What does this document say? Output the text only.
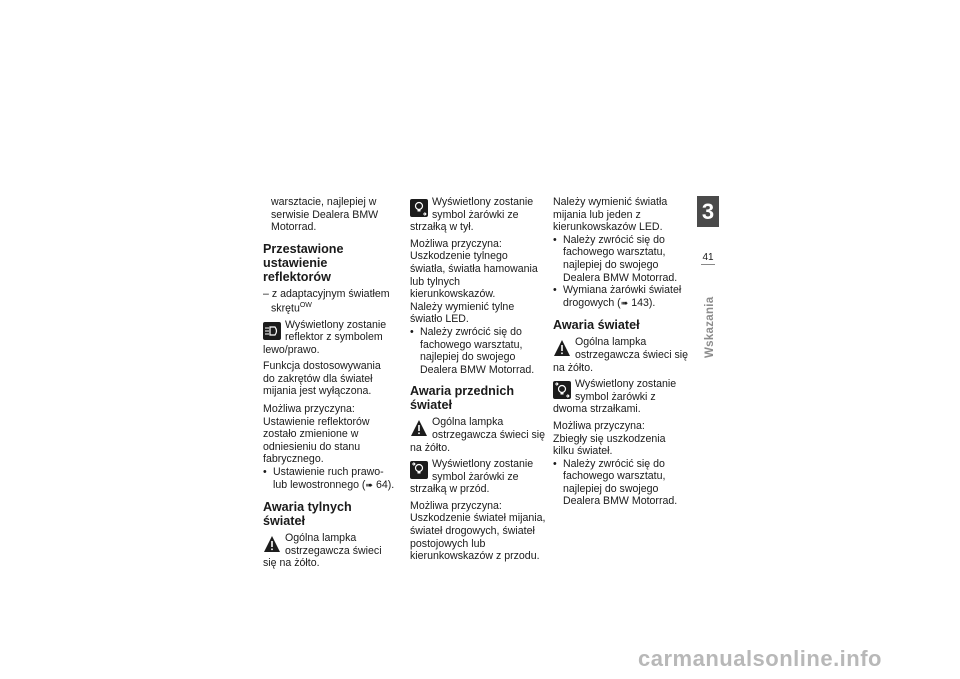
warsztacie, najlepiej w serwisie Dealera BMW Motorrad.

Przestawione ustawienie reflektorów

– z adaptacyjnym światłem skrętu$^{OW}$

Wyświetlony zostanie reflektor z symbolem lewo/prawo.

Funkcja dostosowywania do zakrętów dla świateł mijania jest wyłączona.

Możliwa przyczyna:

Ustawienie reflektorów zostało zmienione w odniesieniu do stanu fabrycznego.

• Ustawienie ruch prawo- lub lewostronnego (➠ 64).

Awaria tylnych świateł
Ogólna lampka ostrzegawcza świeci się na żółto.
Wyświetlony zostanie symbol żarówki ze strzałką w tył.

Możliwa przyczyna:

Uszkodzenie tylnego światła, światła hamowania lub tylnych kierunkowskazów.

Należy wymienić tylne światło LED.

• Należy zwrócić się do fachowego warsztatu, najlepiej do swojego Dealera BMW Motorrad.

Awaria przednich świateł
Ogólna lampka ostrzegawcza świeci się na żółto.
Wyświetlony zostanie symbol żarówki ze strzałką w przód.

Możliwa przyczyna:

Uszkodzenie świateł mijania, świateł drogowych, świateł postojowych lub kierunkowskazów z przodu.

Należy wymienić światła mijania lub jeden z kierunkowskazów LED.

• Należy zwrócić się do fachowego warsztatu, najlepiej do swojego Dealera BMW Motorrad.

• Wymiana żarówki świateł drogowych (➠ 143).

Awaria świateł
Ogólna lampka ostrzegawcza świeci się na żółto.
Wyświetlony zostanie symbol żarówki z dwoma strzałkami.

Możliwa przyczyna:

Zbiegły się uszkodzenia kilku świateł.

• Należy zwrócić się do fachowego warsztatu, najlepiej do swojego Dealera BMW Motorrad.

3
41
Wskazania
carmanualsonline.info
